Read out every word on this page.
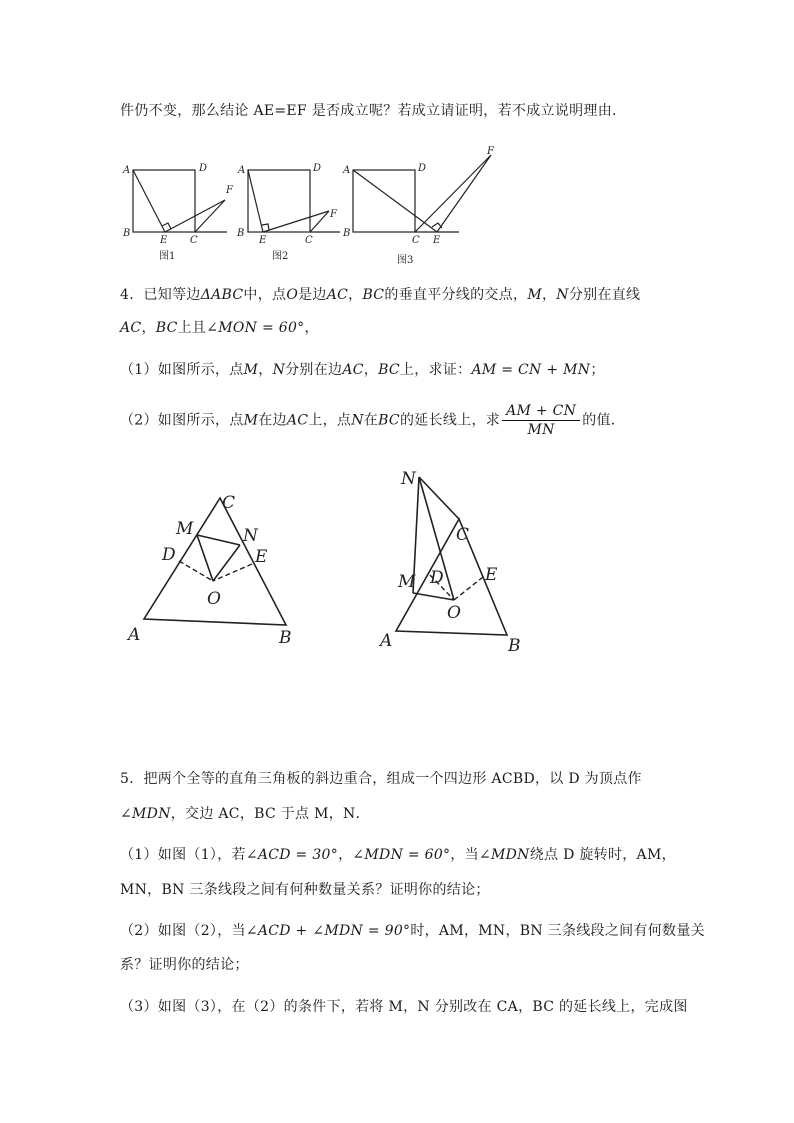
件仍不变，那么结论 AE=EF 是否成立呢？若成立请证明，若不成立说明理由．
A	D
B
E C
F
A	D
B
E	C
F
A	D
B
C E
F
图1	图2	图3
4．已知等边ΔABC中，点O是边AC，BC的垂直平分线的交点，M，N分别在直线
AC，BC上且∠MON = 60°，
（1）如图所示，点M，N分别在边AC，BC上，求证：AM = CN + MN；
（2）如图所示，点M在边AC上，点N在BC的延长线上，求 $\frac{AM + CN}{MN}$ 的值.
C
M	N
D	E
O
A	B
N
C
M D E
O
A	B
5．把两个全等的直角三角板的斜边重合，组成一个四边形 ACBD，以 D 为顶点作
∠MDN，交边 AC，BC 于点 M，N．
（1）如图（1），若∠ACD = 30°，∠MDN = 60°，当∠MDN绕点 D 旋转时，AM，
MN，BN 三条线段之间有何种数量关系？证明你的结论；
（2）如图（2），当∠ACD + ∠MDN = 90°时，AM，MN，BN 三条线段之间有何数量关
系？证明你的结论；
（3）如图（3），在（2）的条件下，若将 M，N 分别改在 CA，BC 的延长线上，完成图
